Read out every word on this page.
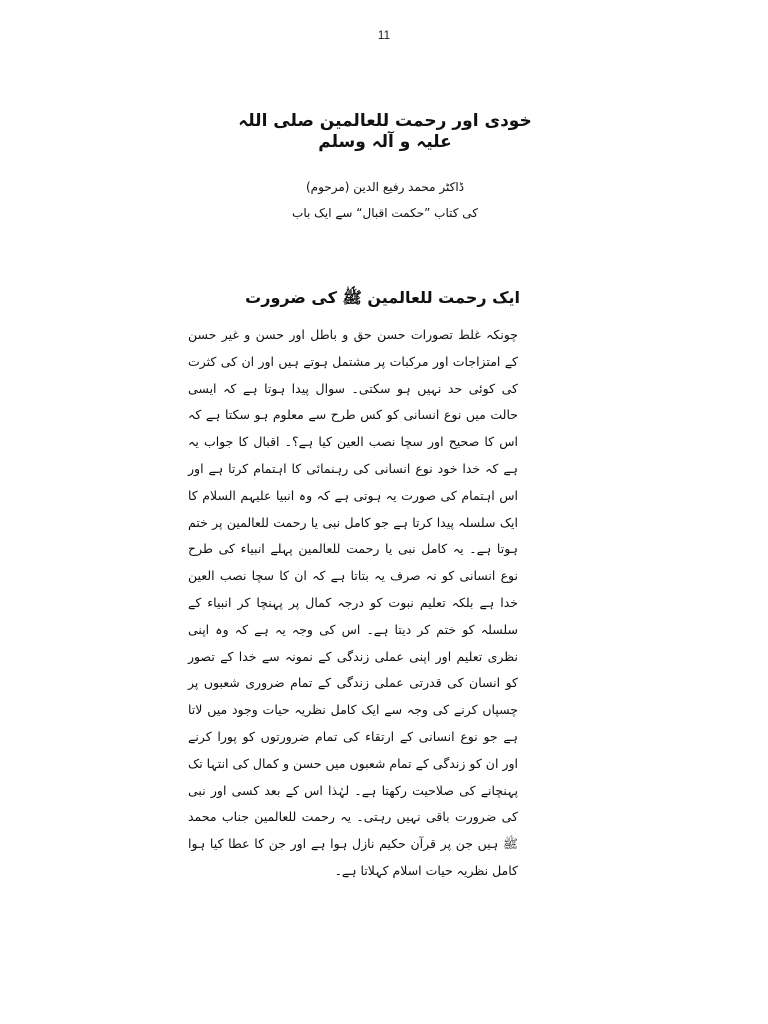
11
خودی اور رحمت للعالمین صلی اللہ علیہ و آلہ وسلم
ڈاکٹر محمد رفیع الدین (مرحوم)
کی کتاب ”حکمت اقبال“ سے ایک باب
ایک رحمت للعالمین ﷺ کی ضرورت
چونکہ غلط تصورات حسن حق و باطل اور حسن و غیر حسن کے امتزاجات اور مرکبات پر مشتمل ہوتے ہیں اور ان کی کثرت کی کوئی حد نہیں ہو سکتی۔ سوال پیدا ہوتا ہے کہ ایسی حالت میں نوع انسانی کو کس طرح سے معلوم ہو سکتا ہے کہ اس کا صحیح اور سچا نصب العین کیا ہے؟۔ اقبال کا جواب یہ ہے کہ خدا خود نوع انسانی کی رہنمائی کا اہتمام کرتا ہے اور اس اہتمام کی صورت یہ ہوتی ہے کہ وہ انبیا علیہم السلام کا ایک سلسلہ پیدا کرتا ہے جو کامل نبی یا رحمت للعالمین پر ختم ہوتا ہے۔ یہ کامل نبی یا رحمت للعالمین پہلے انبیاء کی طرح نوع انسانی کو نہ صرف یہ بتاتا ہے کہ ان کا سچا نصب العین خدا ہے بلکہ تعلیم نبوت کو درجہ کمال پر پہنچا کر انبیاء کے سلسلہ کو ختم کر دیتا ہے۔ اس کی وجہ یہ ہے کہ وہ اپنی نظری تعلیم اور اپنی عملی زندگی کے نمونہ سے خدا کے تصور کو انسان کی قدرتی عملی زندگی کے تمام ضروری شعبوں پر چسپاں کرنے کی وجہ سے ایک کامل نظریہ حیات وجود میں لاتا ہے جو نوع انسانی کے ارتقاء کی تمام ضرورتوں کو پورا کرنے اور ان کو زندگی کے تمام شعبوں میں حسن و کمال کی انتہا تک پہنچانے کی صلاحیت رکھتا ہے۔ لہٰذا اس کے بعد کسی اور نبی کی ضرورت باقی نہیں رہتی۔ یہ رحمت للعالمین جناب محمد ﷺ ہیں جن پر قرآن حکیم نازل ہوا ہے اور جن کا عطا کیا ہوا کامل نظریہ حیات اسلام کہلاتا ہے۔
